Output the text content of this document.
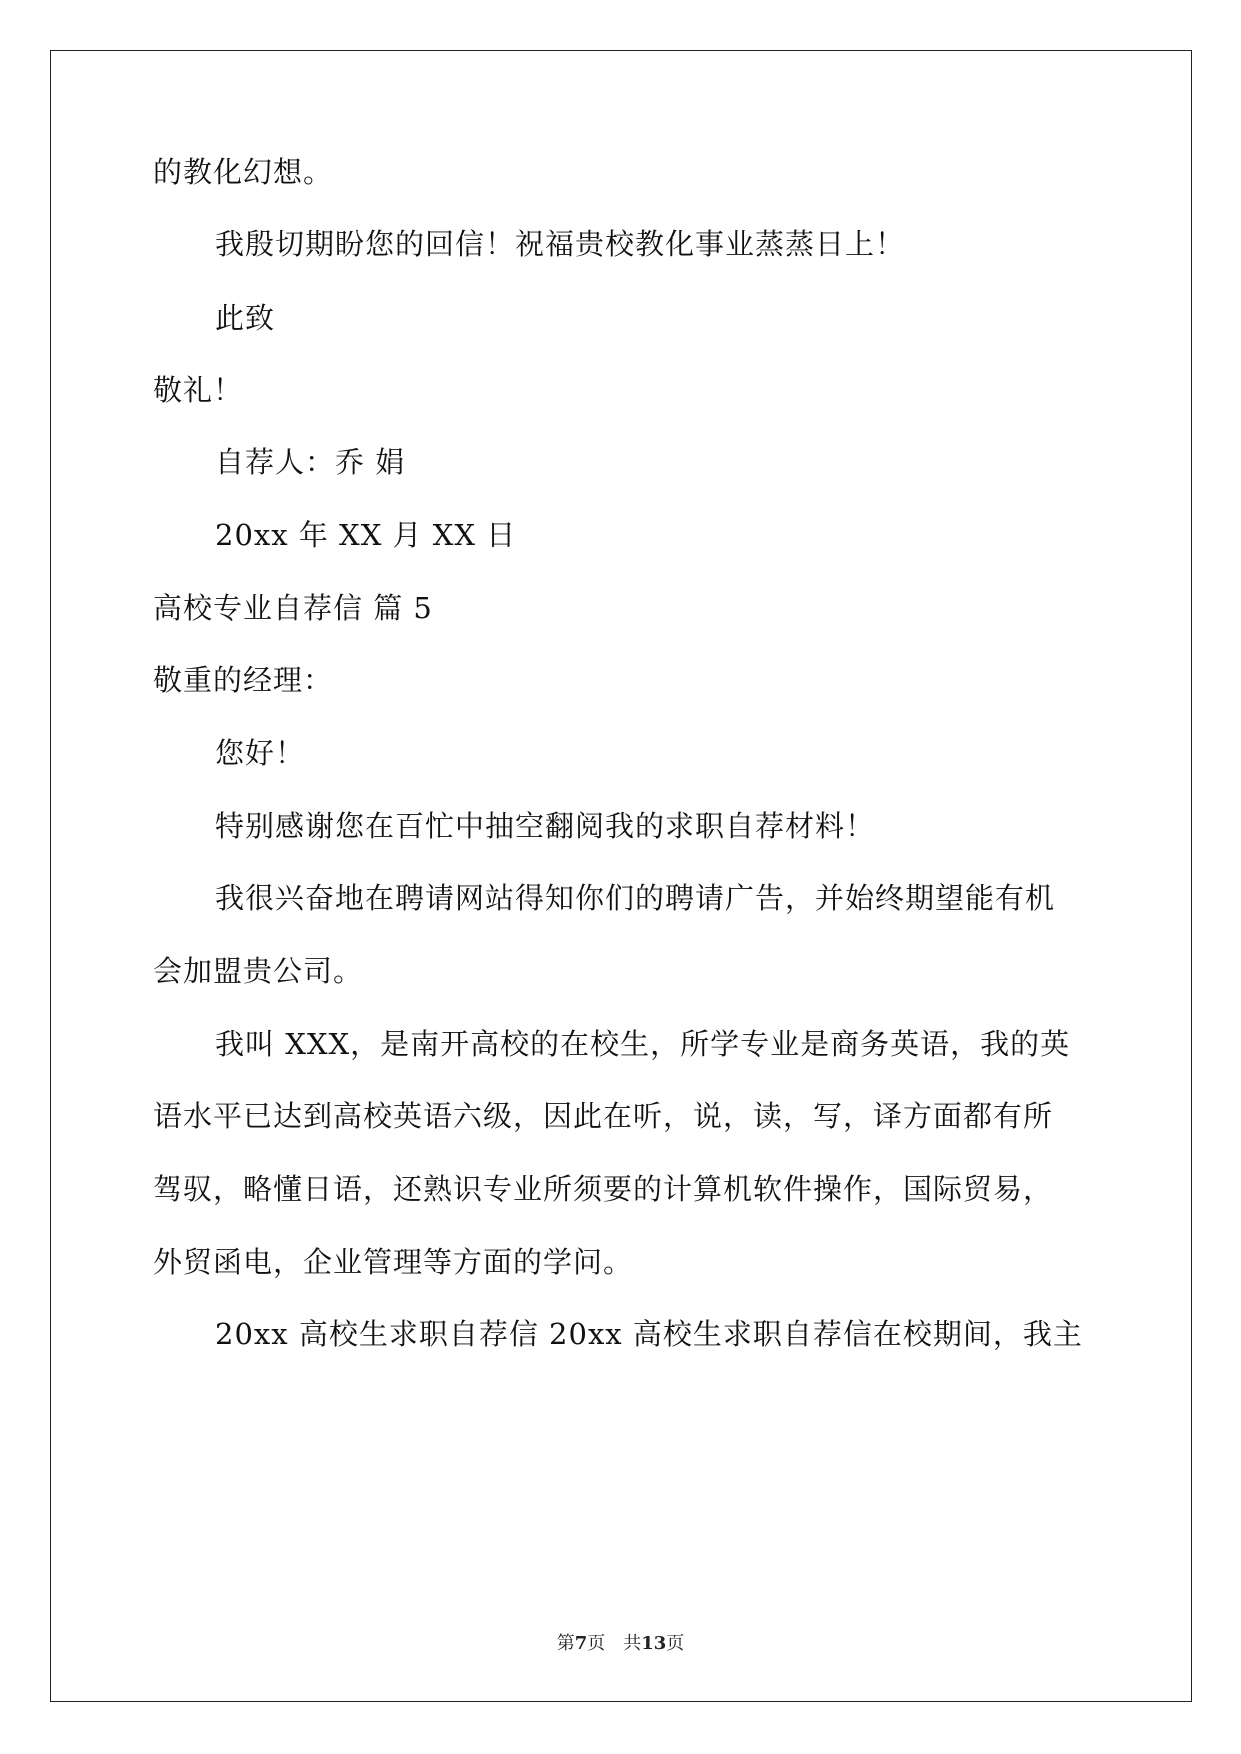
的教化幻想。
我殷切期盼您的回信！祝福贵校教化事业蒸蒸日上！
此致
敬礼！
自荐人：乔 娟
20xx 年 XX 月 XX 日
高校专业自荐信 篇 5
敬重的经理：
您好！
特别感谢您在百忙中抽空翻阅我的求职自荐材料！
我很兴奋地在聘请网站得知你们的聘请广告，并始终期望能有机
会加盟贵公司。
我叫 XXX，是南开高校的在校生，所学专业是商务英语，我的英
语水平已达到高校英语六级，因此在听，说，读，写，译方面都有所
驾驭，略懂日语，还熟识专业所须要的计算机软件操作，国际贸易，
外贸函电，企业管理等方面的学问。
20xx 高校生求职自荐信 20xx 高校生求职自荐信在校期间，我主
第7页　共13页
